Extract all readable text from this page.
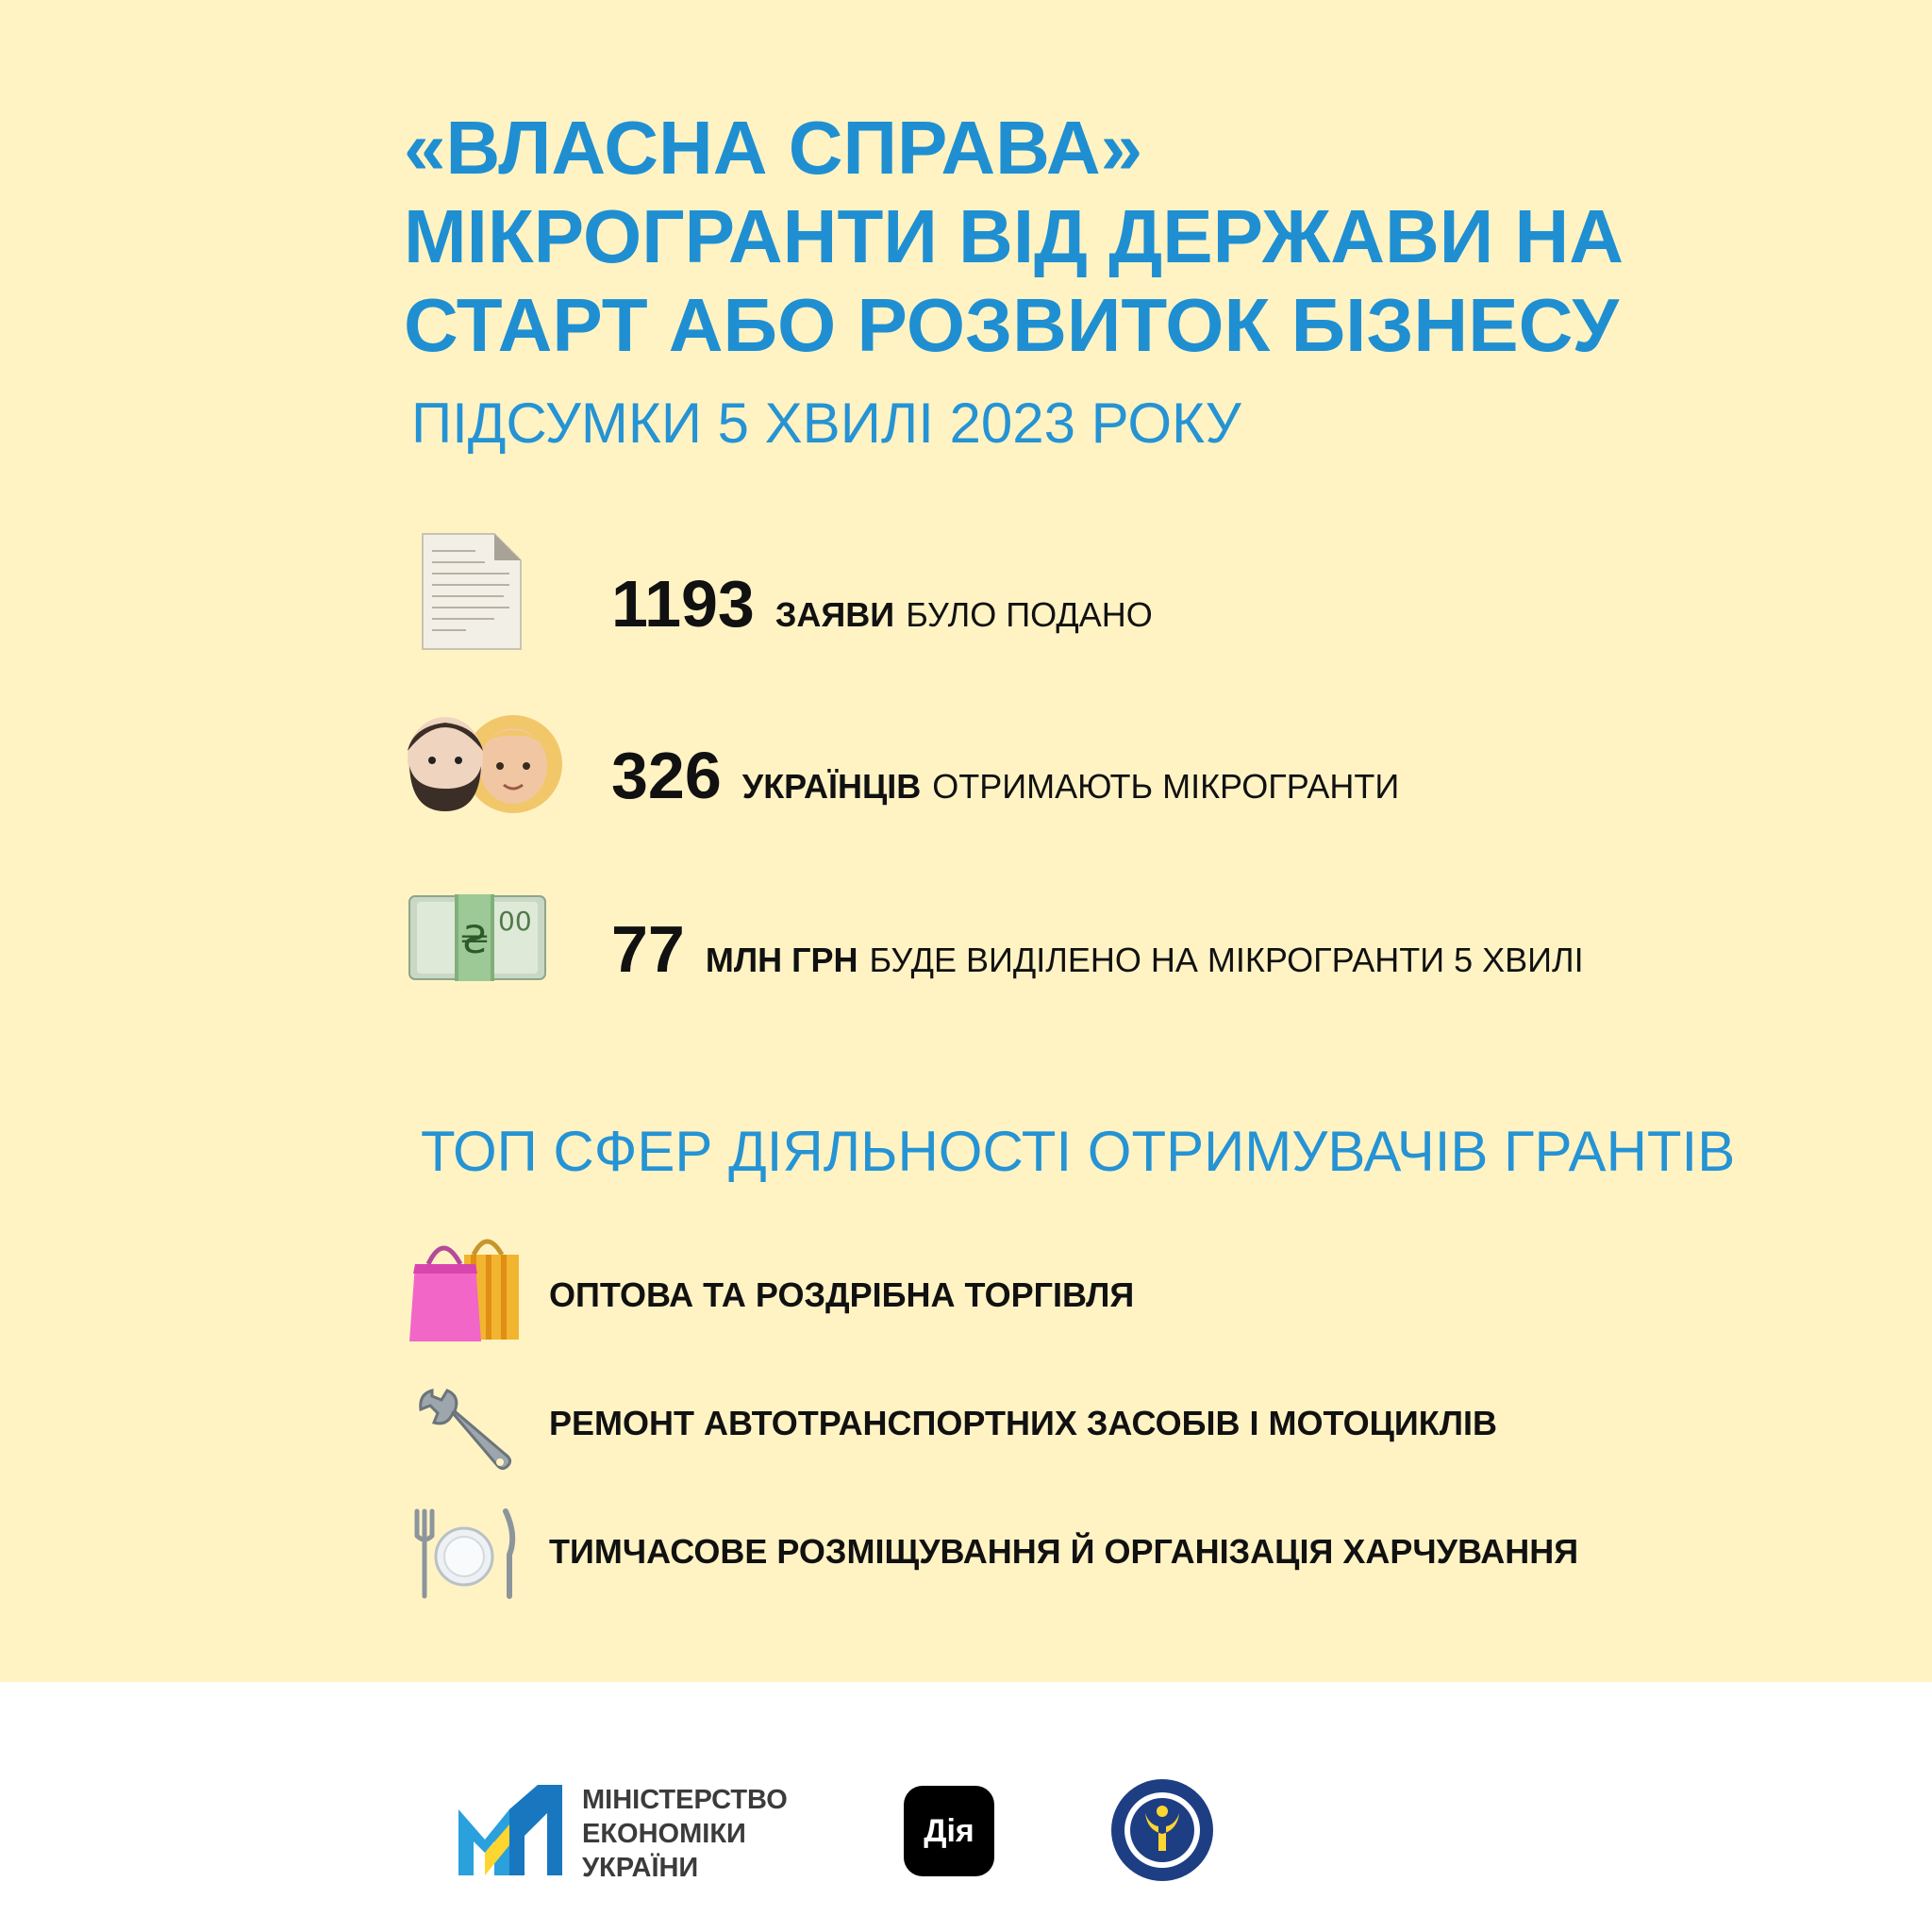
«ВЛАСНА СПРАВА»
МІКРОГРАНТИ ВІД ДЕРЖАВИ НА
СТАРТ АБО РОЗВИТОК БІЗНЕСУ
ПІДСУМКИ 5 ХВИЛІ 2023 РОКУ
1193 ЗАЯВИ БУЛО ПОДАНО
326 УКРАЇНЦІВ ОТРИМАЮТЬ МІКРОГРАНТИ
₴ 00 77 МЛН ГРН БУДЕ ВИДІЛЕНО НА МІКРОГРАНТИ 5 ХВИЛІ
ТОП СФЕР ДІЯЛЬНОСТІ ОТРИМУВАЧІВ ГРАНТІВ
ОПТОВА ТА РОЗДРІБНА ТОРГІВЛЯ
РЕМОНТ АВТОТРАНСПОРТНИХ ЗАСОБІВ І МОТОЦИКЛІВ
ТИМЧАСОВЕ РОЗМІЩУВАННЯ Й ОРГАНІЗАЦІЯ ХАРЧУВАННЯ
МІНІСТЕРСТВО
ЕКОНОМІКИ
УКРАЇНИ
Дія
